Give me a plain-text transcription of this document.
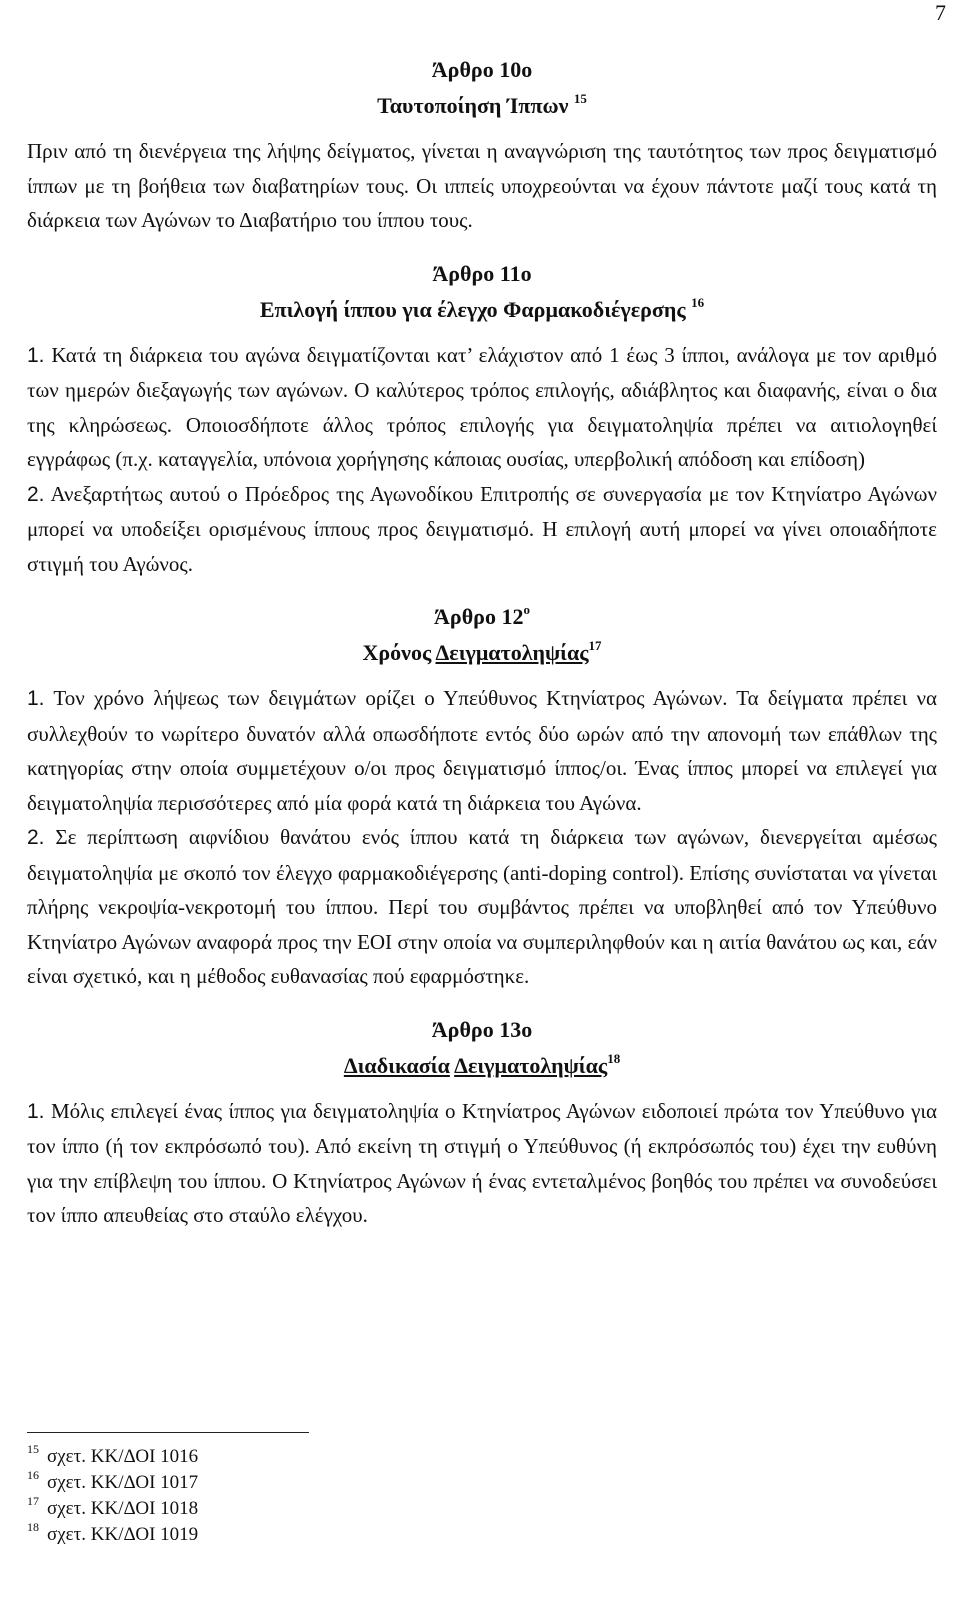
7

Άρθρο 10ο

Ταυτοποίηση Ίππων $^{15}$

Πριν από τη διενέργεια της λήψης δείγματος, γίνεται η αναγνώριση της ταυτότητος των προς δειγματισμό ίππων με τη βοήθεια των διαβατηρίων τους. Οι ιππείς υποχρεούνται να έχουν πάντοτε μαζί τους κατά τη διάρκεια των Αγώνων το Διαβατήριο του ίππου τους.

Άρθρο 11ο

Επιλογή ίππου για έλεγχο Φαρμακοδιέγερσης $^{16}$

1. Κατά τη διάρκεια του αγώνα δειγματίζονται κατ’ ελάχιστον από 1 έως 3 ίπποι, ανάλογα με τον αριθμό των ημερών διεξαγωγής των αγώνων. Ο καλύτερος τρόπος επιλογής, αδιάβλητος και διαφανής, είναι ο δια της κληρώσεως. Οποιοσδήποτε άλλος τρόπος επιλογής για δειγματοληψία πρέπει να αιτιολογηθεί εγγράφως (π.χ. καταγγελία, υπόνοια χορήγησης κάποιας ουσίας, υπερβολική απόδοση και επίδοση)

2. Ανεξαρτήτως αυτού ο Πρόεδρος της Αγωνοδίκου Επιτροπής σε συνεργασία με τον Κτηνίατρο Αγώνων μπορεί να υποδείξει ορισμένους ίππους προς δειγματισμό. Η επιλογή αυτή μπορεί να γίνει οποιαδήποτε στιγμή του Αγώνος.

Άρθρο $12^o$

Χρόνος Δειγματοληψίας$^{17}$

1. Τον χρόνο λήψεως των δειγμάτων ορίζει ο Υπεύθυνος Κτηνίατρος Αγώνων. Τα δείγματα πρέπει να συλλεχθούν το νωρίτερο δυνατόν αλλά οπωσδήποτε εντός δύο ωρών από την απονομή των επάθλων της κατηγορίας στην οποία συμμετέχουν ο/οι προς δειγματισμό ίππος/οι. Ένας ίππος μπορεί να επιλεγεί για δειγματοληψία περισσότερες από μία φορά κατά τη διάρκεια του Αγώνα.

2. Σε περίπτωση αιφνίδιου θανάτου ενός ίππου κατά τη διάρκεια των αγώνων, διενεργείται αμέσως δειγματοληψία με σκοπό τον έλεγχο φαρμακοδιέγερσης (anti-doping control). Επίσης συνίσταται να γίνεται πλήρης νεκροψία-νεκροτομή του ίππου. Περί του συμβάντος πρέπει να υποβληθεί από τον Υπεύθυνο Κτηνίατρο Αγώνων αναφορά προς την ΕΟΙ στην οποία να συμπεριληφθούν και η αιτία θανάτου ως και, εάν είναι σχετικό, και η μέθοδος ευθανασίας πού εφαρμόστηκε.

Άρθρο 13ο

Διαδικασία Δειγματοληψίας$^{18}$

1. Μόλις επιλεγεί ένας ίππος για δειγματοληψία ο Κτηνίατρος Αγώνων ειδοποιεί πρώτα τον Υπεύθυνο για τον ίππο (ή τον εκπρόσωπό του). Από εκείνη τη στιγμή ο Υπεύθυνος (ή εκπρόσωπός του) έχει την ευθύνη για την επίβλεψη του ίππου. Ο Κτηνίατρος Αγώνων ή ένας εντεταλμένος βοηθός του πρέπει να συνοδεύσει τον ίππο απευθείας στο σταύλο ελέγχου.

$^{15}$ σχετ. ΚΚ/ΔΟΙ 1016
$^{16}$ σχετ. ΚΚ/ΔΟΙ 1017
$^{17}$ σχετ. ΚΚ/ΔΟΙ 1018
$^{18}$ σχετ. ΚΚ/ΔΟΙ 1019
